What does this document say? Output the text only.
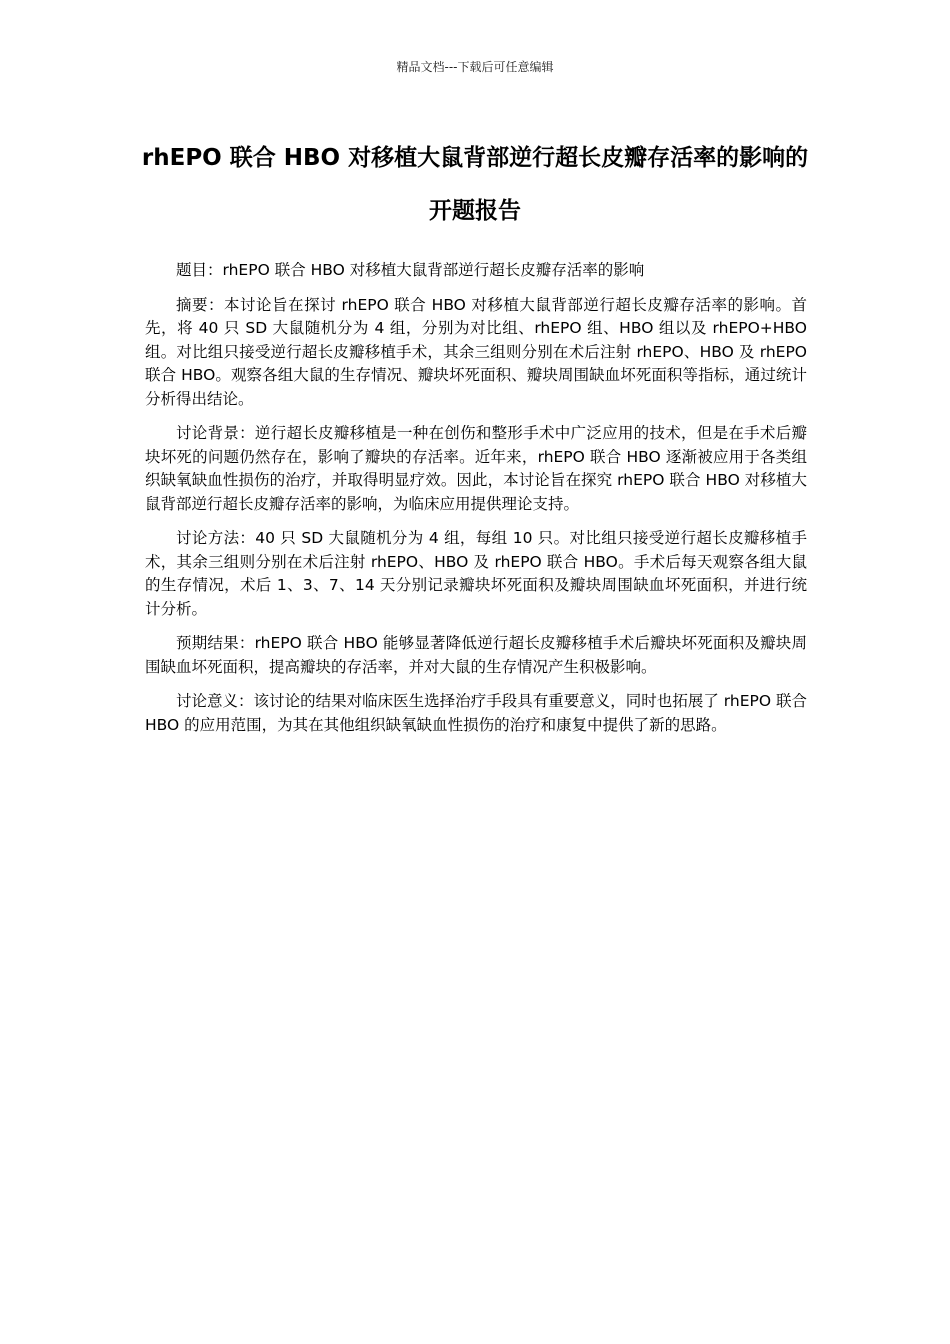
精品文档---下载后可任意编辑
rhEPO 联合 HBO 对移植大鼠背部逆行超长皮瓣存活率的影响的开题报告

题目：rhEPO 联合 HBO 对移植大鼠背部逆行超长皮瓣存活率的影响

摘要：本讨论旨在探讨 rhEPO 联合 HBO 对移植大鼠背部逆行超长皮瓣存活率的影响。首先，将 40 只 SD 大鼠随机分为 4 组，分别为对比组、rhEPO 组、HBO 组以及 rhEPO+HBO 组。对比组只接受逆行超长皮瓣移植手术，其余三组则分别在术后注射 rhEPO、HBO 及 rhEPO 联合 HBO。观察各组大鼠的生存情况、瓣块坏死面积、瓣块周围缺血坏死面积等指标，通过统计分析得出结论。

讨论背景：逆行超长皮瓣移植是一种在创伤和整形手术中广泛应用的技术，但是在手术后瓣块坏死的问题仍然存在，影响了瓣块的存活率。近年来，rhEPO 联合 HBO 逐渐被应用于各类组织缺氧缺血性损伤的治疗，并取得明显疗效。因此，本讨论旨在探究 rhEPO 联合 HBO 对移植大鼠背部逆行超长皮瓣存活率的影响，为临床应用提供理论支持。

讨论方法：40 只 SD 大鼠随机分为 4 组，每组 10 只。对比组只接受逆行超长皮瓣移植手术，其余三组则分别在术后注射 rhEPO、HBO 及 rhEPO 联合 HBO。手术后每天观察各组大鼠的生存情况，术后 1、3、7、14 天分别记录瓣块坏死面积及瓣块周围缺血坏死面积，并进行统计分析。

预期结果：rhEPO 联合 HBO 能够显著降低逆行超长皮瓣移植手术后瓣块坏死面积及瓣块周围缺血坏死面积，提高瓣块的存活率，并对大鼠的生存情况产生积极影响。

讨论意义：该讨论的结果对临床医生选择治疗手段具有重要意义，同时也拓展了 rhEPO 联合 HBO 的应用范围，为其在其他组织缺氧缺血性损伤的治疗和康复中提供了新的思路。
